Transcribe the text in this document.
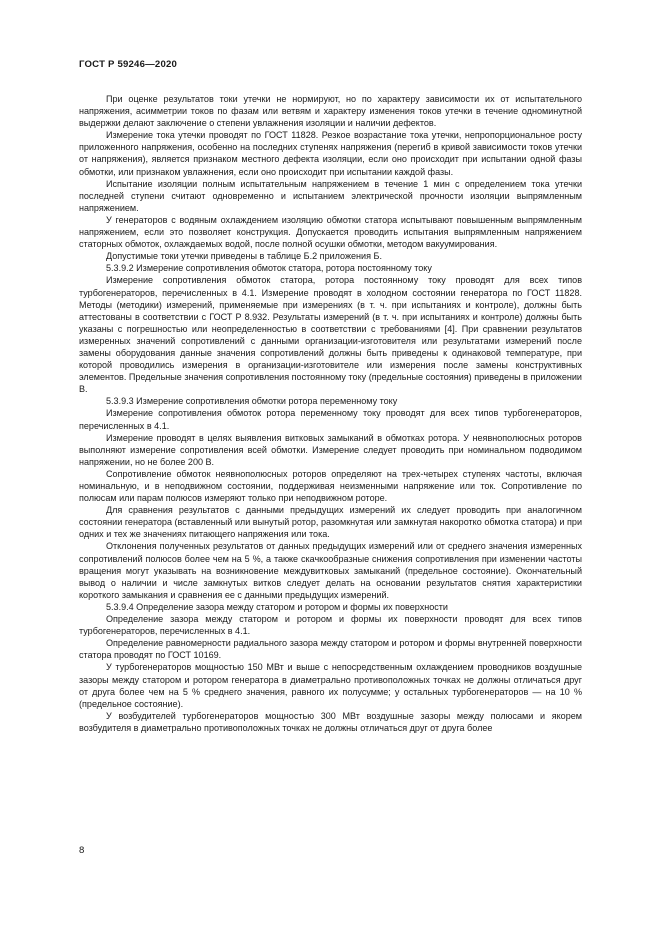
ГОСТ Р 59246—2020

При оценке результатов токи утечки не нормируют, но по характеру зависимости их от испытательного напряжения, асимметрии токов по фазам или ветвям и характеру изменения токов утечки в течение одноминутной выдержки делают заключение о степени увлажнения изоляции и наличии дефектов.

Измерение тока утечки проводят по ГОСТ 11828. Резкое возрастание тока утечки, непропорциональное росту приложенного напряжения, особенно на последних ступенях напряжения (перегиб в кривой зависимости токов утечки от напряжения), является признаком местного дефекта изоляции, если оно происходит при испытании одной фазы обмотки, или признаком увлажнения, если оно происходит при испытании каждой фазы.

Испытание изоляции полным испытательным напряжением в течение 1 мин с определением тока утечки последней ступени считают одновременно и испытанием электрической прочности изоляции выпрямленным напряжением.

У генераторов с водяным охлаждением изоляцию обмотки статора испытывают повышенным выпрямленным напряжением, если это позволяет конструкция. Допускается проводить испытания выпрямленным напряжением статорных обмоток, охлаждаемых водой, после полной осушки обмотки, методом вакуумирования.

Допустимые токи утечки приведены в таблице Б.2 приложения Б.

5.3.9.2 Измерение сопротивления обмоток статора, ротора постоянному току

Измерение сопротивления обмоток статора, ротора постоянному току проводят для всех типов турбогенераторов, перечисленных в 4.1. Измерение проводят в холодном состоянии генератора по ГОСТ 11828. Методы (методики) измерений, применяемые при измерениях (в т. ч. при испытаниях и контроле), должны быть аттестованы в соответствии с ГОСТ Р 8.932. Результаты измерений (в т. ч. при испытаниях и контроле) должны быть указаны с погрешностью или неопределенностью в соответствии с требованиями [4]. При сравнении результатов измеренных значений сопротивлений с данными организации-изготовителя или результатами измерений после замены оборудования данные значения сопротивлений должны быть приведены к одинаковой температуре, при которой проводились измерения в организации-изготовителе или измерения после замены конструктивных элементов. Предельные значения сопротивления постоянному току (предельные состояния) приведены в приложении В.

5.3.9.3 Измерение сопротивления обмотки ротора переменному току

Измерение сопротивления обмоток ротора переменному току проводят для всех типов турбогенераторов, перечисленных в 4.1.

Измерение проводят в целях выявления витковых замыканий в обмотках ротора. У неявнополюсных роторов выполняют измерение сопротивления всей обмотки. Измерение следует проводить при номинальном подводимом напряжении, но не более 200 В.

Сопротивление обмоток неявнополюсных роторов определяют на трех-четырех ступенях частоты, включая номинальную, и в неподвижном состоянии, поддерживая неизменными напряжение или ток. Сопротивление по полюсам или парам полюсов измеряют только при неподвижном роторе.

Для сравнения результатов с данными предыдущих измерений их следует проводить при аналогичном состоянии генератора (вставленный или вынутый ротор, разомкнутая или замкнутая накоротко обмотка статора) и при одних и тех же значениях питающего напряжения или тока.

Отклонения полученных результатов от данных предыдущих измерений или от среднего значения измеренных сопротивлений полюсов более чем на 5 %, а также скачкообразные снижения сопротивления при изменении частоты вращения могут указывать на возникновение междувитковых замыканий (предельное состояние). Окончательный вывод о наличии и числе замкнутых витков следует делать на основании результатов снятия характеристики короткого замыкания и сравнения ее с данными предыдущих измерений.

5.3.9.4 Определение зазора между статором и ротором и формы их поверхности

Определение зазора между статором и ротором и формы их поверхности проводят для всех типов турбогенераторов, перечисленных в 4.1.

Определение равномерности радиального зазора между статором и ротором и формы внутренней поверхности статора проводят по ГОСТ 10169.

У турбогенераторов мощностью 150 МВт и выше с непосредственным охлаждением проводников воздушные зазоры между статором и ротором генератора в диаметрально противоположных точках не должны отличаться друг от друга более чем на 5 % среднего значения, равного их полусумме; у остальных турбогенераторов — на 10 % (предельное состояние).

У возбудителей турбогенераторов мощностью 300 МВт воздушные зазоры между полюсами и якорем возбудителя в диаметрально противоположных точках не должны отличаться друг от друга более

8
